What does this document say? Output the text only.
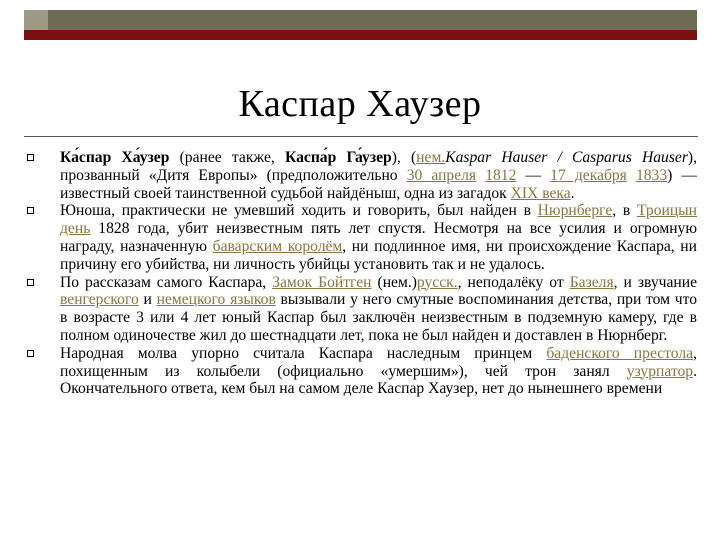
Каспар Хаузер
Ка́спар Ха́узер (ранее также, Каспа́р Га́узер), (нем.Kaspar Hauser / Casparus Hauser), прозванный «Дитя Европы» (предположительно 30 апреля 1812 — 17 декабря 1833) — известный своей таинственной судьбой найдёныш, одна из загадок XIX века.
Юноша, практически не умевший ходить и говорить, был найден в Нюрнберге, в Троицын день 1828 года, убит неизвестным пять лет спустя. Несмотря на все усилия и огромную награду, назначенную баварским королём, ни подлинное имя, ни происхождение Каспара, ни причину его убийства, ни личность убийцы установить так и не удалось.
По рассказам самого Каспара, Замок Бойтген (нем.)русск., неподалёку от Базеля, и звучание венгерского и немецкого языков вызывали у него смутные воспоминания детства, при том что в возрасте 3 или 4 лет юный Каспар был заключён неизвестным в подземную камеру, где в полном одиночестве жил до шестнадцати лет, пока не был найден и доставлен в Нюрнберг.
Народная молва упорно считала Каспара наследным принцем баденского престола, похищенным из колыбели (официально «умершим»), чей трон занял узурпатор. Окончательного ответа, кем был на самом деле Каспар Хаузер, нет до нынешнего времени
